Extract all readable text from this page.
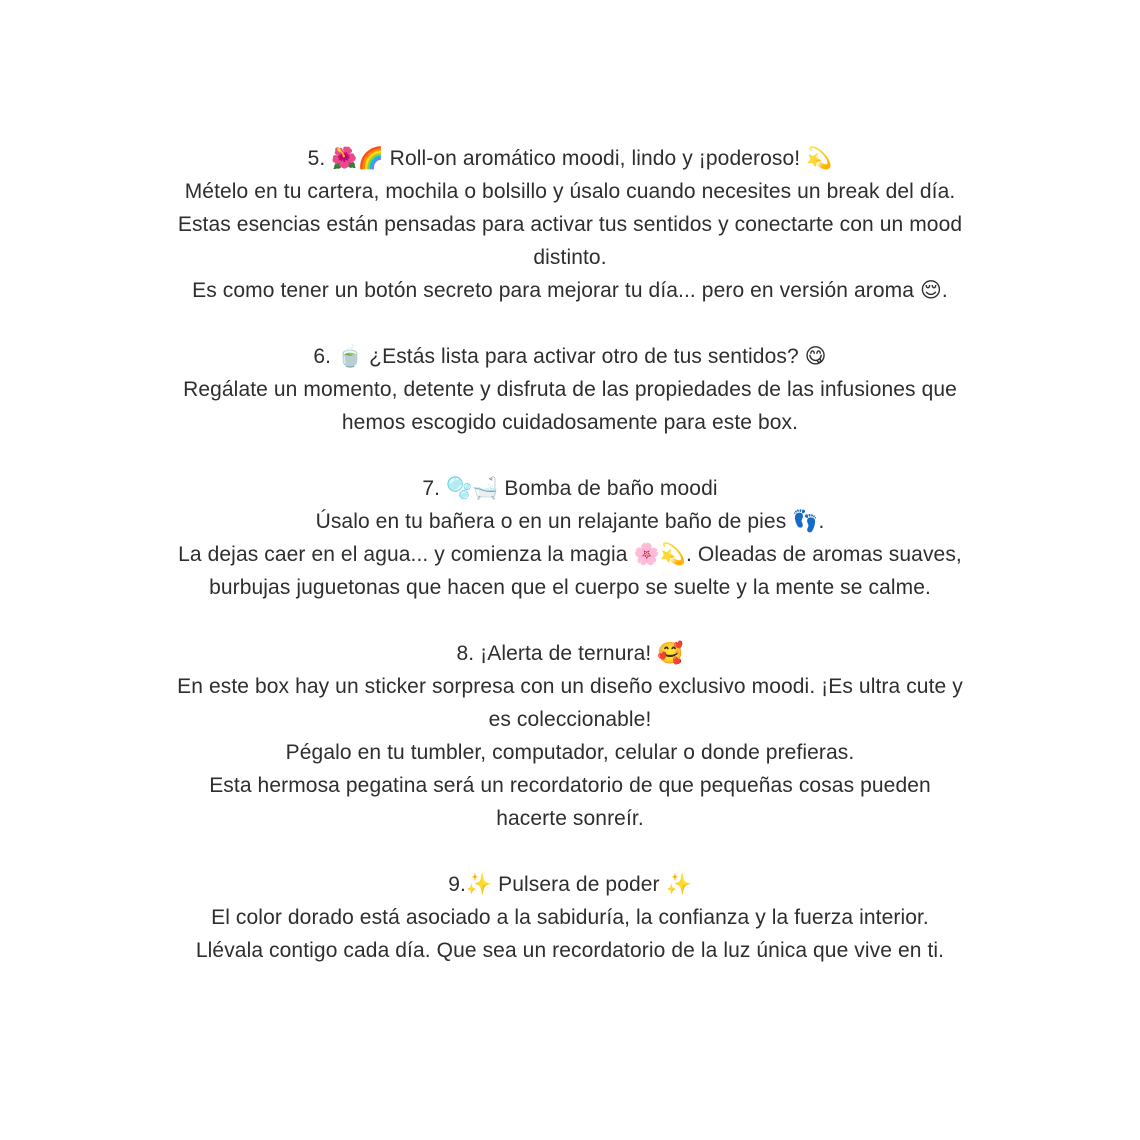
5. 🌺🌈 Roll-on aromático moodi, lindo y ¡poderoso! 💫

Mételo en tu cartera, mochila o bolsillo y úsalo cuando necesites un break del día.

Estas esencias están pensadas para activar tus sentidos y conectarte con un mood

distinto.

Es como tener un botón secreto para mejorar tu día... pero en versión aroma 😌.

6. 🍵 ¿Estás lista para activar otro de tus sentidos? 😋

Regálate un momento, detente y disfruta de las propiedades de las infusiones que

hemos escogido cuidadosamente para este box.

7. 🫧🛁 Bomba de baño moodi

Úsalo en tu bañera o en un relajante baño de pies 👣.

La dejas caer en el agua... y comienza la magia 🌸💫. Oleadas de aromas suaves,

burbujas juguetonas que hacen que el cuerpo se suelte y la mente se calme.

8. ¡Alerta de ternura! 🥰

En este box hay un sticker sorpresa con un diseño exclusivo moodi. ¡Es ultra cute y

es coleccionable!

Pégalo en tu tumbler, computador, celular o donde prefieras.

Esta hermosa pegatina será un recordatorio de que pequeñas cosas pueden

hacerte sonreír.

9.✨ Pulsera de poder ✨

El color dorado está asociado a la sabiduría, la confianza y la fuerza interior.

Llévala contigo cada día. Que sea un recordatorio de la luz única que vive en ti.
